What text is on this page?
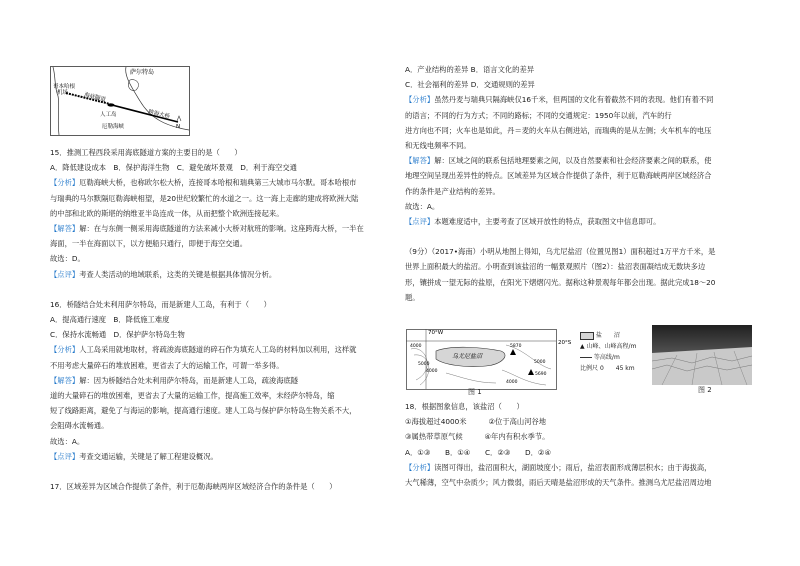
萨尔特岛
哥本哈根 机场	海底隧道
人工岛
厄勒海峡
跨海大桥
N

15．推测工程西段采用海底隧道方案的主要目的是（　　）

A．降低建设成本　B．保护海洋生物　C．避免破坏景观　D．利于海空交通

【分析】厄勒海峡大桥，也称欧尔松大桥，连接哥本哈根和瑞典第三大城市马尔默。哥本哈根市

与瑞典的马尔默隔厄勒海峡相望，是20世纪较繁忙的水道之一。这一海上走廊的建成将欧洲大陆

的中部和北欧的斯堪的纳维亚半岛连成一体，从而把整个欧洲连接起来。

【解答】解：在与东侧一侧采用海底隧道的方法来减小大桥对航班的影响。这座跨海大桥，一半在

海面，一半在海面以下，以方便船只通行，即便于海空交通。

故选：D。

【点评】考查人类活动的地域联系，这类的关键是根据具体情况分析。

16．桥隧结合处未利用萨尔特岛，而是新建人工岛，有利于（　　）

A．提高通行速度　B．降低施工难度

C．保持水流畅通　D．保护萨尔特岛生物

【分析】人工岛采用就地取材，将疏浚海底隧道的碎石作为填充人工岛的材料加以利用，这样就

不用考虑大量碎石的堆放困难，更省去了大的运输工作，可谓一举多得。

【解答】解：因为桥隧结合处未利用萨尔特岛，而是新建人工岛，疏浚海底隧

道的大量碎石的堆放困难，更省去了大量的运输工作，提高施工效率，未经萨尔特岛，缩

短了线路距离，避免了与海运的影响，提高通行速度。建人工岛与保护萨尔特岛生物关系不大，

会阻碍水流畅通。

故选：A。

【点评】考查交通运输，关键是了解工程建设概况。

17．区域差异为区域合作提供了条件，利于厄勒海峡两岸区域经济合作的条件是（　　）

A．产业结构的差异 B．语言文化的差异

C．社会福利的差异 D．交通规则的差异

【分析】虽然丹麦与瑞典只隔海峡仅16千米，但两国的文化有着截然不同的表现。他们有着不同

的语言；不同的行为方式；不同的路标；不同的交通规定：1950年以前，汽车的行

进方向也不同；火车也是如此，丹＝麦的火车从右侧进站，而瑞典的是从左侧；火车机车的电压

和无线电频率不同。

【解答】解：区域之间的联系包括地理要素之间，以及自然要素和社会经济要素之间的联系，使

地理空间呈现出差异性的特点。区域差异为区域合作提供了条件，利于厄勒海峡两岸区域经济合

作的条件是产业结构的差异。

故选：A。

【点评】本题难度适中，主要考查了区域开放性的特点，获取图文中信息即可。

（9分）（2017•海南）小明从地图上得知，乌尤尼盐沼（位置见图1）面积超过1万平方千米，是

世界上面积最大的盐沼。小明查到该盐沼的一幅景观照片（图2）：盐沼表面凝结成无数块多边

形，镶拼成一望无际的盐原，在阳光下熠熠闪光。据称这种景观每年都会出现。据此完成18～20

题。

18．根据图象信息，该盐沼（　　）

①海拔超过4000米　　　②位于高山河谷地

③属热带草原气候　　　④年内有积水季节。

A．①③　　B．①④　　C．②③　　D．②④

【分析】读图可得出，盐沼面积大，湖面坡度小；雨后，盐沼表面形成薄层积水；由于海拔高，

大气稀薄，空气中杂质少；风力微弱，雨后天晴是盐沼形成的天气条件。推测乌尤尼盐沼周边地

70°W
20°S
乌尤尼盐沼
4000	5870
5690
5000	5000
4000
4000
图 1
盐　　沼
▲ 山峰、山峰高程/m
等高线/m
比例尺 0　　45 km
图 2
